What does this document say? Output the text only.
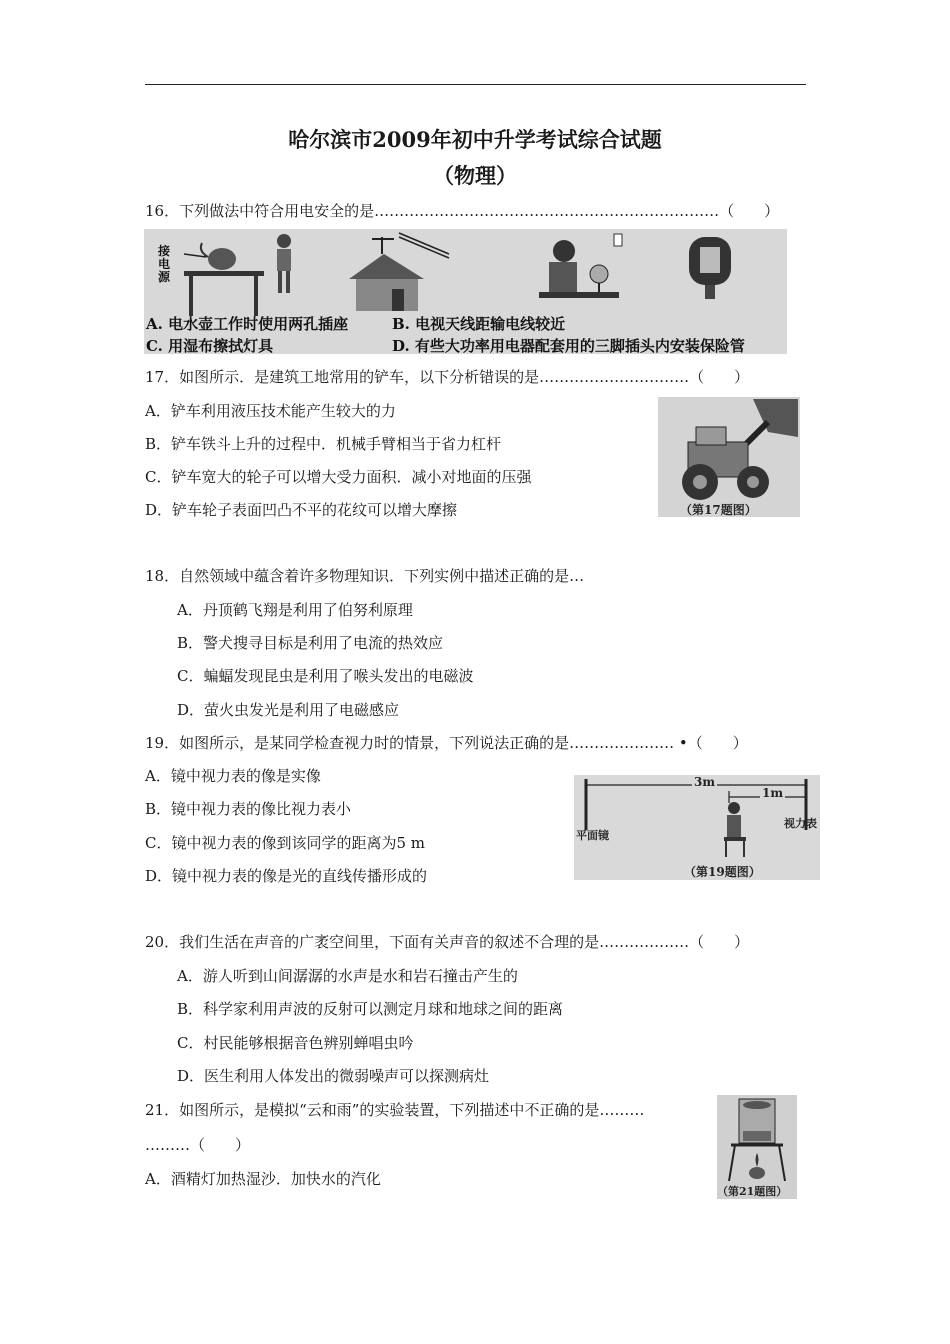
哈尔滨市2009年初中升学考试综合试题
（物理）
16．下列做法中符合用电安全的是……………………………………………………………（　　）
接电源
A. 电水壶工作时使用两孔插座	B. 电视天线距输电线较近
C. 用湿布擦拭灯具	D. 有些大功率用电器配套用的三脚插头内安装保险管
17．如图所示．是建筑工地常用的铲车，以下分析错误的是…………………………（　　）
A．铲车利用液压技术能产生较大的力
B．铲车铁斗上升的过程中．机械手臂相当于省力杠杆
C．铲车宽大的轮子可以增大受力面积．减小对地面的压强
D．铲车轮子表面凹凸不平的花纹可以增大摩擦	（第17题图）
18．自然领域中蕴含着许多物理知识．下列实例中描述正确的是…
A．丹顶鹤飞翔是利用了伯努利原理
B．警犬搜寻目标是利用了电流的热效应
C．蝙蝠发现昆虫是利用了喉头发出的电磁波
D．萤火虫发光是利用了电磁感应
19．如图所示，是某同学检查视力时的情景，下列说法正确的是………………… •（　　）
A．镜中视力表的像是实像
B．镜中视力表的像比视力表小
C．镜中视力表的像到该同学的距离为5 m
D．镜中视力表的像是光的直线传播形成的
3m
1m
平面镜
视力表
（第19题图）
20．我们生活在声音的广袤空间里，下面有关声音的叙述不合理的是………………（　　）
A．游人听到山间潺潺的水声是水和岩石撞击产生的
B．科学家利用声波的反射可以测定月球和地球之间的距离
C．村民能够根据音色辨别蝉唱虫吟
D．医生利用人体发出的微弱噪声可以探测病灶
21．如图所示，是模拟“云和雨”的实验装置，下列描述中不正确的是………
………（　　）
A．酒精灯加热湿沙．加快水的汽化
（第21题图）
